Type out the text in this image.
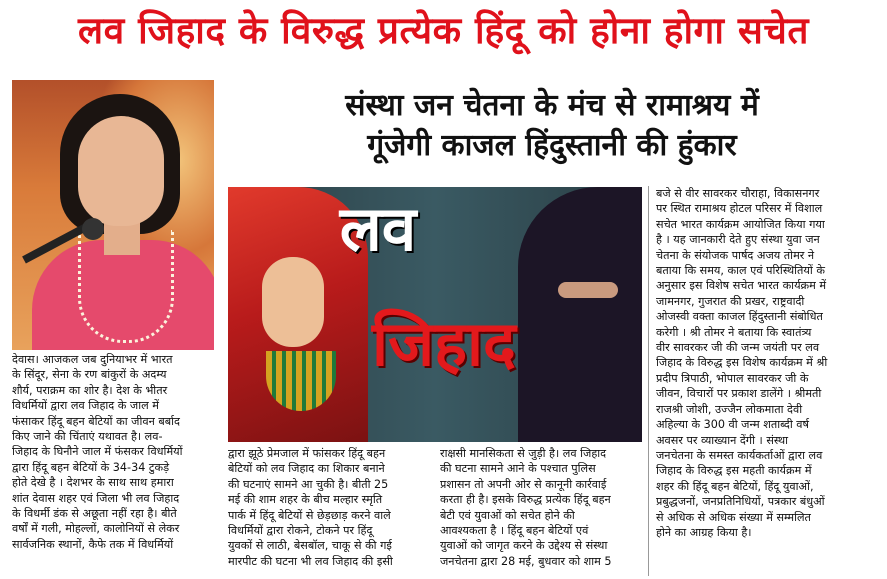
लव जिहाद के विरुद्ध प्रत्येक हिंदू को होना होगा सचेत
संस्था जन चेतना के मंच से रामाश्रय में
गूंजेगी काजल हिंदुस्तानी की हुंकार
लव
जिहाद

देवास। आजकल जब दुनियाभर में भारत

के सिंदूर, सेना के रण बांकुरों के अदम्य

शौर्य, पराक्रम का शोर है। देश के भीतर

विधर्मियों द्वारा लव जिहाद के जाल में

फंसाकर हिंदू बहन बेटियों का जीवन बर्बाद

किए जाने की चिंताएं यथावत है। लव-

जिहाद के घिनौने जाल में फंसकर विधर्मियों

द्वारा हिंदू बहन बेटियों के 34-34 टुकड़े

होते देखे है । देशभर के साथ साथ हमारा

शांत देवास शहर एवं जिला भी लव जिहाद

के विधर्मी डंक से अछूता नहीं रहा है। बीते

वर्षों में गली, मोहल्लों, कालोनियों से लेकर

सार्वजनिक स्थानों, कैफे तक में विधर्मियों

द्वारा झूठे प्रेमजाल में फांसकर हिंदू बहन

बेटियों को लव जिहाद का शिकार बनाने

की घटनाएं सामने आ चुकी है। बीती 25

मई की शाम शहर के बीच मल्हार स्मृति

पार्क में हिंदू बेटियों से छेड़छाड़ करने वाले

विधर्मियों द्वारा रोकने, टोकने पर हिंदू

युवकों से लाठी, बेसबॉल, चाकू से की गई

मारपीट की घटना भी लव जिहाद की इसी

राक्षसी मानसिकता से जुड़ी है। लव जिहाद

की घटना सामने आने के पश्चात पुलिस

प्रशासन तो अपनी ओर से कानूनी कार्रवाई

करता ही है। इसके विरुद्ध प्रत्येक हिंदू बहन

बेटी एवं युवाओं को सचेत होने की

आवश्यकता है । हिंदू बहन बेटियों एवं

युवाओं को जागृत करने के उद्देश्य से संस्था

जनचेतना द्वारा 28 मई, बुधवार को शाम 5

बजे से वीर सावरकर चौराहा, विकासनगर

पर स्थित रामाश्रय होटल परिसर में विशाल

सचेत भारत कार्यक्रम आयोजित किया गया

है । यह जानकारी देते हुए संस्था युवा जन

चेतना के संयोजक पार्षद अजय तोमर ने

बताया कि समय, काल एवं परिस्थितियों के

अनुसार इस विशेष सचेत भारत कार्यक्रम में

जामनगर, गुजरात की प्रखर, राष्ट्रवादी

ओजस्वी वक्ता काजल हिंदुस्तानी संबोधित

करेगी । श्री तोमर ने बताया कि स्वातंत्र्य

वीर सावरकर जी की जन्म जयंती पर लव

जिहाद के विरुद्ध इस विशेष कार्यक्रम में श्री

प्रदीप त्रिपाठी, भोपाल सावरकर जी के

जीवन, विचारों पर प्रकाश डालेंगे । श्रीमती

राजश्री जोशी, उज्जैन लोकमाता देवी

अहिल्या के 300 वी जन्म शताब्दी वर्ष

अवसर पर व्याख्यान देंगी । संस्था

जनचेतना के समस्त कार्यकर्ताओं द्वारा लव

जिहाद के विरुद्ध इस महती कार्यक्रम में

शहर की हिंदू बहन बेटियों, हिंदू युवाओं,

प्रबुद्धजनों, जनप्रतिनिधियों, पत्रकार बंधुओं

से अधिक से अधिक संख्या में सम्मलित

होने का आग्रह किया है।
